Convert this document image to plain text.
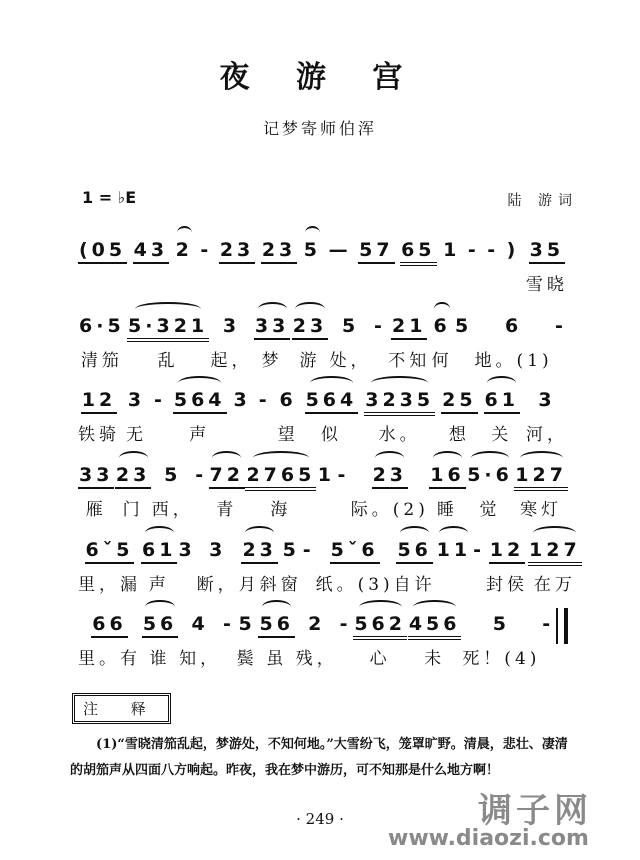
夜 游 宫
记梦寄师伯浑
1 = ♭E	陆 游词
(05
43
2
-
23
23
5
—
57
65
1
-
-
)
35
雪晓
6·5
清笳
5·321
乱
3
起，
33
梦
23
游
5
处，
-
21
不知
6
何
5
6
地。(1)
-

12
铁骑
3
无
-
564
声
3
-
6
望
564
似
3235
水。
25
想
61
关
3
河，
33
雁
23
门
5
西，
-
72
青
2765
海
1
-
23
际。(2)
16
睡
5·6
觉
127
寒灯
6ˇ5
里，漏
61
声
3
3
断，
23
月斜
5
窗
-
5ˇ6
纸。(3)
56
自许
11
-
12
封侯
127
在万
66
里。有
56
谁
4
知，
-
5
鬓
56
虽
2
残，
-
562
心
456
未
5
死！(4)
-

注 释
(1)“雪晓清笳乱起，梦游处，不知何地。”大雪纷飞，笼罩旷野。清晨，悲壮、凄清的胡笳声从四面八方响起。昨夜，我在梦中游历，可不知那是什么地方啊！
· 249 ·	调子网
www.diaozi.com
